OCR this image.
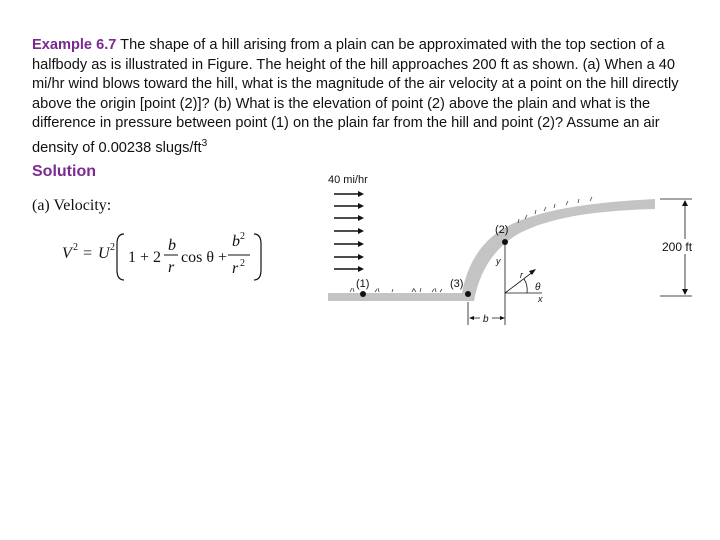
Example 6.7 The shape of a hill arising from a plain can be approximated with the top section of a halfbody as is illustrated in Figure. The height of the hill approaches 200 ft as shown. (a) When a 40 mi/hr wind blows toward the hill, what is the magnitude of the air velocity at a point on the hill directly above the origin [point (2)]? (b) What is the elevation of point (2) above the plain and what is the difference in pressure between point (1) on the plain far from the hill and point (2)? Assume an air density of 0.00238 slugs/$ft^3$

Solution
(a) Velocity:
V 2 = U 2
1 + 2
b
r
cos θ +
b 2
r 2
40 mi/hr
(1)	(3)
(2)
y
x
r
θ
b
200 ft
